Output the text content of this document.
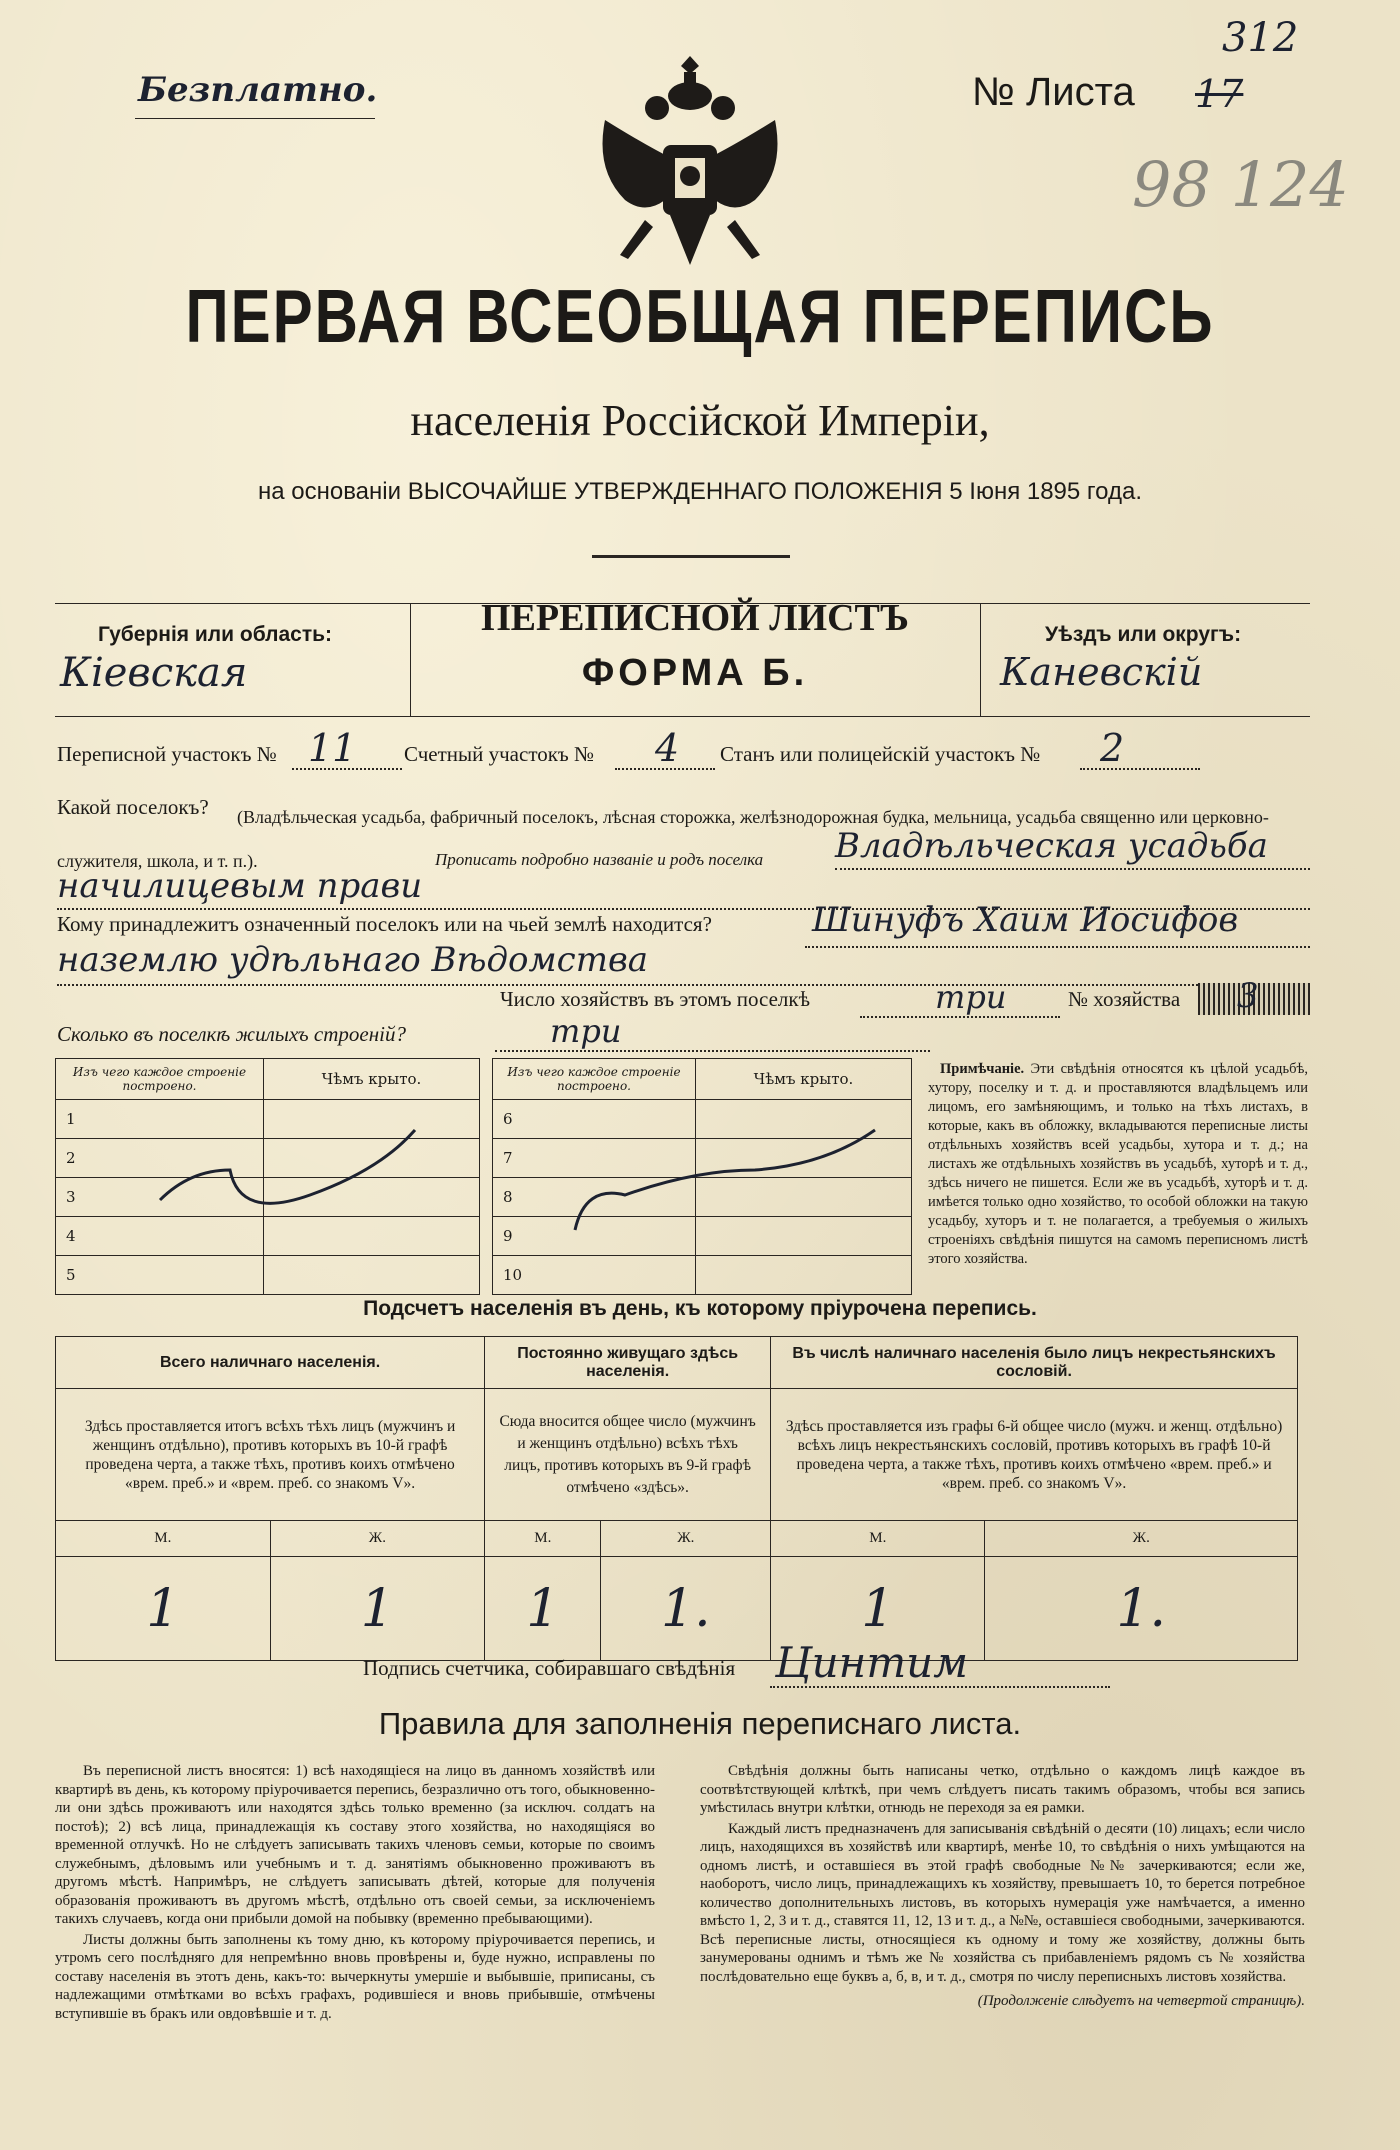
Безплатно.	№ Листа 17
312
98 124
ПЕРВАЯ ВСЕОБЩАЯ ПЕРЕПИСЬ
населенія Россійской Имперіи,
на основаніи ВЫСОЧАЙШЕ УТВЕРЖДЕННАГО ПОЛОЖЕНІЯ 5 Іюня 1895 года.
Губернія или область:
Кіевская
ПЕРЕПИСНОЙ ЛИСТЪ
ФОРМА Б.
Уѣздъ или округъ:
Каневскій
Переписной участокъ № 11 Счетный участокъ № 4 Станъ или полицейскій участокъ № 2
Какой поселокъ?	(Владѣльческая усадьба, фабричный поселокъ, лѣсная сторожка, желѣзнодорожная будка, мельница, усадьба священно или церковно-служителя, школа, и т. п.).	Прописать подробно названіе и родъ поселка Владѣльческая усадьба
начилицевым прави
Кому принадлежитъ означенный поселокъ или на чьей землѣ находится?	Шинуфъ Хаим Иосифов
наземлю удѣльнаго Вѣдомства
Число хозяйствъ въ этомъ поселкѣ	три	№ хозяйства 3
Сколько въ поселкѣ жилыхъ строеній?	три
Изъ чего каждое строеніе построено.	Чѣмъ крыто.
1	
2	
3	
4	
5	
Изъ чего каждое строеніе построено.	Чѣмъ крыто.
6	
7	
8	
9	
10	
Примѣчаніе. Эти свѣдѣнія относятся къ цѣлой усадьбѣ, хутору, поселку и т. д. и проставляются владѣльцемъ или лицомъ, его замѣняющимъ, и только на тѣхъ листахъ, в которые, какъ въ обложку, вкладываются переписные листы отдѣльныхъ хозяйствъ всей усадьбы, хутора и т. д.; на листахъ же отдѣльныхъ хозяйствъ въ усадьбѣ, хуторѣ и т. д., здѣсь ничего не пишется. Если же въ усадьбѣ, хуторѣ и т. д. имѣется только одно хозяйство, то особой обложки на такую усадьбу, хуторъ и т. не полагается, а требуемыя о жилыхъ строеніяхъ свѣдѣнія пишутся на самомъ переписномъ листѣ этого хозяйства.
Подсчетъ населенія въ день, къ которому пріурочена перепись.
Всего наличнаго населенія.		Постоянно живущаго здѣсь населенія.		Въ числѣ наличнаго населенія было лицъ некрестьянскихъ сословій.	
Здѣсь проставляется итогъ всѣхъ тѣхъ лицъ (мужчинъ и женщинъ отдѣльно), противъ которыхъ въ 10-й графѣ проведена черта, а также тѣхъ, противъ коихъ отмѣчено «врем. преб.» и «врем. преб. со знакомъ V».		Сюда вносится общее число (мужчинъ и женщинъ отдѣльно) всѣхъ тѣхъ лицъ, противъ которыхъ въ 9-й графѣ отмѣчено «здѣсь».		Здѣсь проставляется изъ графы 6-й общее число (мужч. и женщ. отдѣльно) всѣхъ лицъ некрестьянскихъ сословій, противъ которыхъ въ графѣ 10-й проведена черта, а также тѣхъ, противъ коихъ отмѣчено «врем. преб.» и «врем. преб. со знакомъ V».	
М.	Ж.	М.	Ж.	М.	Ж.
1	1	1	1.	1	1.
Подпись счетчика, собиравшаго свѣдѣнія Цинтим
Правила для заполненія переписнаго листа.

Въ переписной листъ вносятся: 1) всѣ находящіеся на лицо въ данномъ хозяйствѣ или квартирѣ въ день, къ которому пріурочивается перепись, безразлично отъ того, обыкновенно-ли они здѣсь проживаютъ или находятся здѣсь только временно (за исключ. солдатъ на постоѣ); 2) всѣ лица, принадлежащія къ составу этого хозяйства, но находящіяся во временной отлучкѣ. Но не слѣдуетъ записывать такихъ членовъ семьи, которые по своимъ служебнымъ, дѣловымъ или учебнымъ и т. д. занятіямъ обыкновенно проживаютъ въ другомъ мѣстѣ. Напримѣръ, не слѣдуетъ записывать дѣтей, которые для полученія образованія проживаютъ въ другомъ мѣстѣ, отдѣльно отъ своей семьи, за исключеніемъ такихъ случаевъ, когда они прибыли домой на побывку (временно пребывающими).

Листы должны быть заполнены къ тому дню, къ которому пріурочивается перепись, и утромъ сего послѣдняго для непремѣнно вновь провѣрены и, буде нужно, исправлены по составу населенія въ этотъ день, какъ-то: вычеркнуты умершіе и выбывшіе, приписаны, съ надлежащими отмѣтками во всѣхъ графахъ, родившіеся и вновь прибывшіе, отмѣчены вступившіе въ бракъ или овдовѣвшіе и т. д.

Свѣдѣнія должны быть написаны четко, отдѣльно о каждомъ лицѣ каждое въ соотвѣтствующей клѣткѣ, при чемъ слѣдуетъ писать такимъ образомъ, чтобы вся запись умѣстилась внутри клѣтки, отнюдь не переходя за ея рамки.

Каждый листъ предназначенъ для записыванія свѣдѣній о десяти (10) лицахъ; если число лицъ, находящихся въ хозяйствѣ или квартирѣ, менѣе 10, то свѣдѣнія о нихъ умѣщаются на одномъ листѣ, и оставшіеся въ этой графѣ свободные №№ зачеркиваются; если же, наоборотъ, число лицъ, принадлежащихъ къ хозяйству, превышаетъ 10, то берется потребное количество дополнительныхъ листовъ, въ которыхъ нумерація уже намѣчается, а именно вмѣсто 1, 2, 3 и т. д., ставятся 11, 12, 13 и т. д., а №№, оставшіеся свободными, зачеркиваются. Всѣ переписные листы, относящіеся къ одному и тому же хозяйству, должны быть занумерованы однимъ и тѣмъ же № хозяйства съ прибавленіемъ рядомъ съ № хозяйства послѣдовательно еще буквъ а, б, в, и т. д., смотря по числу переписныхъ листовъ хозяйства.

(Продолженіе слѣдуетъ на четвертой страницѣ).
